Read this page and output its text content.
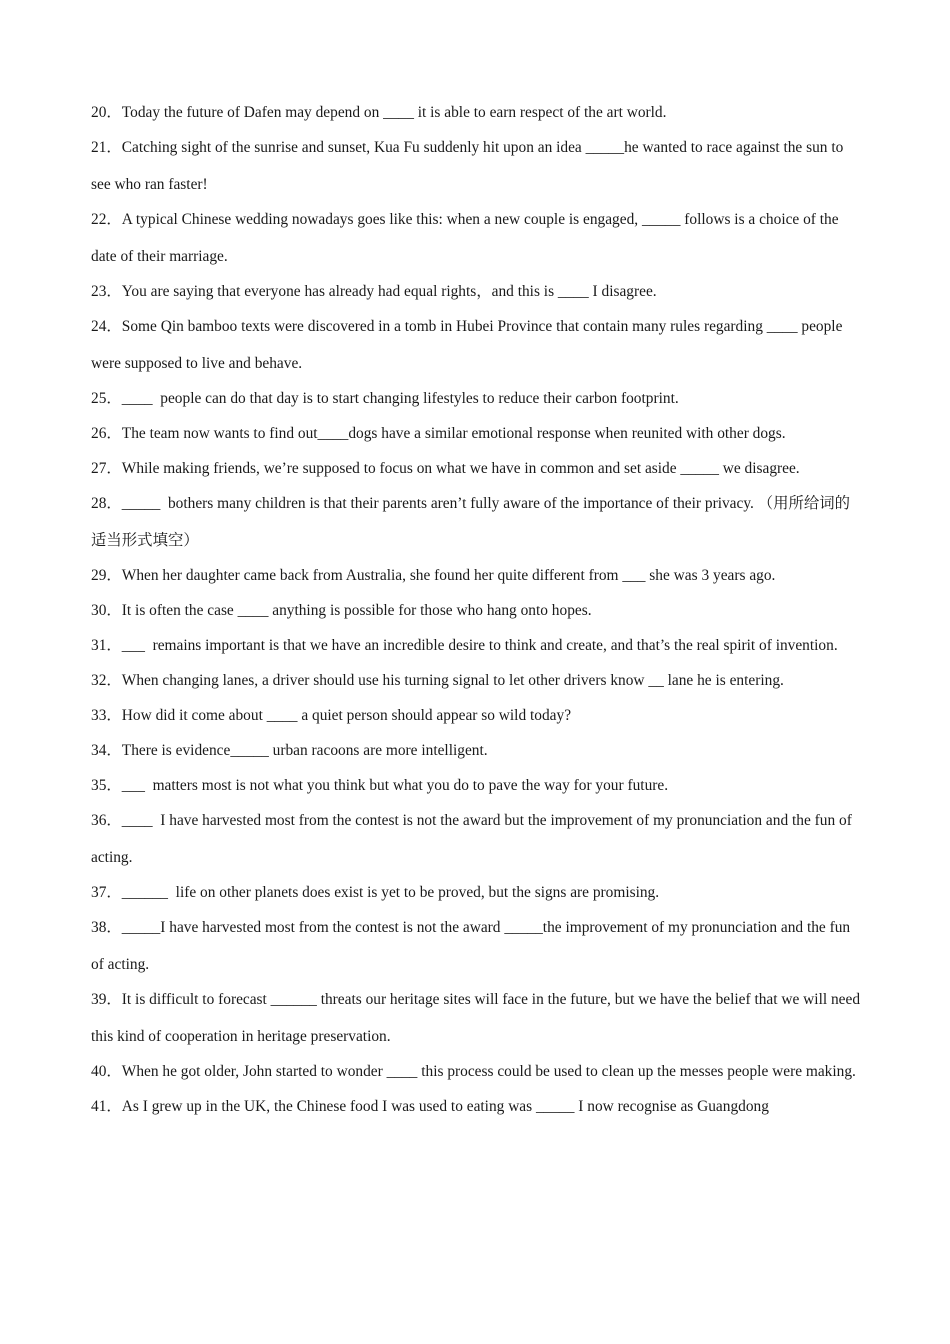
20．Today the future of Dafen may depend on ____ it is able to earn respect of the art world.

21．Catching sight of the sunrise and sunset, Kua Fu suddenly hit upon an idea _____he wanted to race against the sun to see who ran faster!

22．A typical Chinese wedding nowadays goes like this: when a new couple is engaged, _____ follows is a choice of the date of their marriage.

23．You are saying that everyone has already had equal rights，and this is ____ I disagree.

24．Some Qin bamboo texts were discovered in a tomb in Hubei Province that contain many rules regarding ____ people were supposed to live and behave.

25．____  people can do that day is to start changing lifestyles to reduce their carbon footprint.

26．The team now wants to find out____dogs have a similar emotional response when reunited with other dogs.

27．While making friends, we’re supposed to focus on what we have in common and set aside _____ we disagree.

28．_____  bothers many children is that their parents aren’t fully aware of the importance of their privacy. （用所给词的适当形式填空）

29．When her daughter came back from Australia, she found her quite different from ___ she was 3 years ago.

30．It is often the case ____ anything is possible for those who hang onto hopes.

31．___  remains important is that we have an incredible desire to think and create, and that’s the real spirit of invention.

32．When changing lanes, a driver should use his turning signal to let other drivers know __ lane he is entering.

33．How did it come about ____ a quiet person should appear so wild today?

34．There is evidence_____ urban racoons are more intelligent.

35．___  matters most is not what you think but what you do to pave the way for your future.

36．____  I have harvested most from the contest is not the award but the improvement of my pronunciation and the fun of acting.

37．______  life on other planets does exist is yet to be proved, but the signs are promising.

38．_____I have harvested most from the contest is not the award _____the improvement of my pronunciation and the fun of acting.

39．It is difficult to forecast ______ threats our heritage sites will face in the future, but we have the belief that we will need this kind of cooperation in heritage preservation.

40．When he got older, John started to wonder ____ this process could be used to clean up the messes people were making.

41．As I grew up in the UK, the Chinese food I was used to eating was _____ I now recognise as Guangdong
